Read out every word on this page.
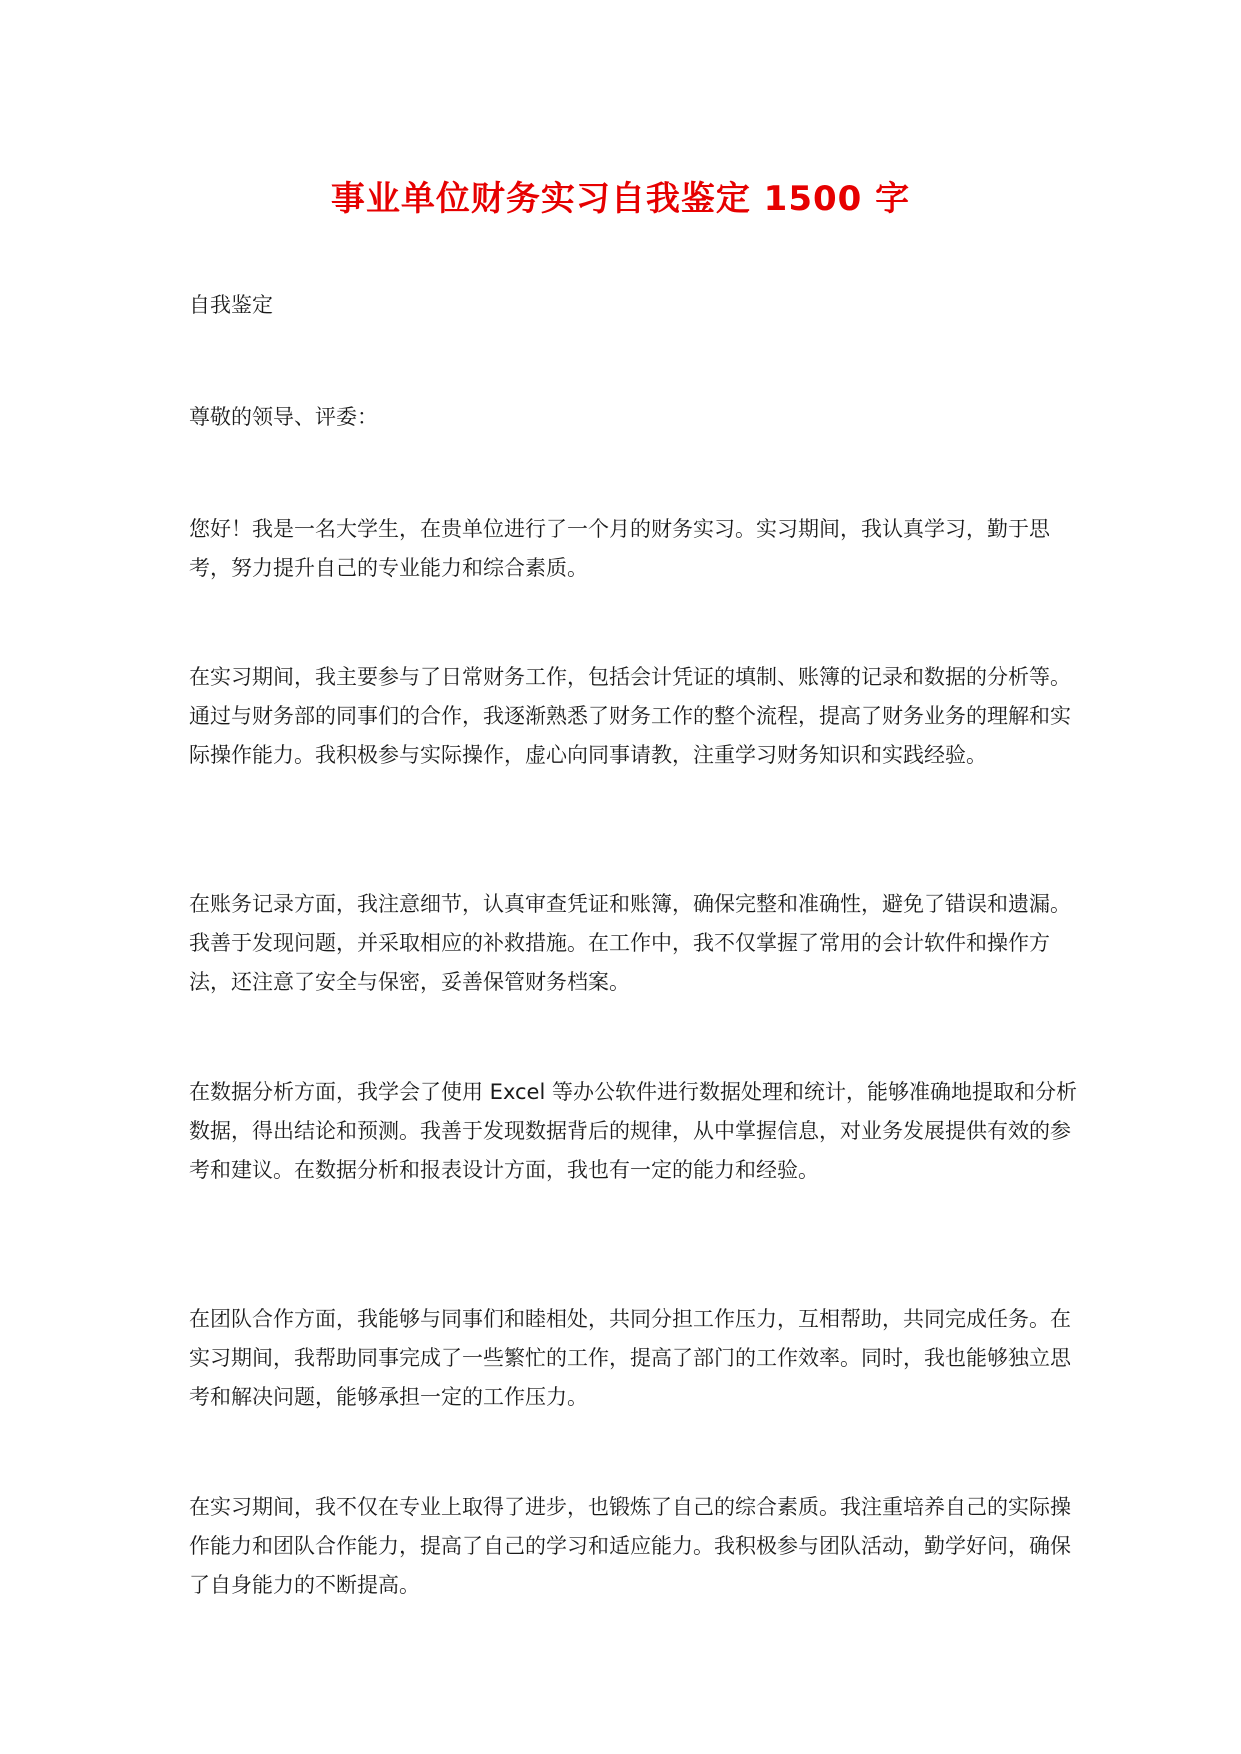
事业单位财务实习自我鉴定 1500 字

自我鉴定

尊敬的领导、评委：

您好！我是一名大学生，在贵单位进行了一个月的财务实习。实习期间，我认真学习，勤于思考，努力提升自己的专业能力和综合素质。

在实习期间，我主要参与了日常财务工作，包括会计凭证的填制、账簿的记录和数据的分析等。通过与财务部的同事们的合作，我逐渐熟悉了财务工作的整个流程，提高了财务业务的理解和实际操作能力。我积极参与实际操作，虚心向同事请教，注重学习财务知识和实践经验。

在账务记录方面，我注意细节，认真审查凭证和账簿，确保完整和准确性，避免了错误和遗漏。我善于发现问题，并采取相应的补救措施。在工作中，我不仅掌握了常用的会计软件和操作方法，还注意了安全与保密，妥善保管财务档案。

在数据分析方面，我学会了使用 Excel 等办公软件进行数据处理和统计，能够准确地提取和分析数据，得出结论和预测。我善于发现数据背后的规律，从中掌握信息，对业务发展提供有效的参考和建议。在数据分析和报表设计方面，我也有一定的能力和经验。

在团队合作方面，我能够与同事们和睦相处，共同分担工作压力，互相帮助，共同完成任务。在实习期间，我帮助同事完成了一些繁忙的工作，提高了部门的工作效率。同时，我也能够独立思考和解决问题，能够承担一定的工作压力。

在实习期间，我不仅在专业上取得了进步，也锻炼了自己的综合素质。我注重培养自己的实际操作能力和团队合作能力，提高了自己的学习和适应能力。我积极参与团队活动，勤学好问，确保了自身能力的不断提高。
